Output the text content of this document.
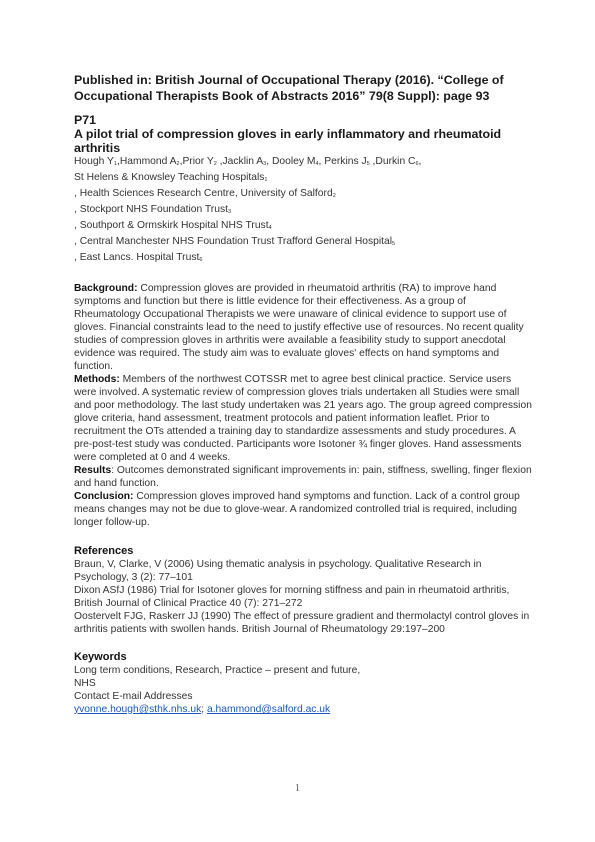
Published in: British Journal of Occupational Therapy (2016). “College of
Occupational Therapists Book of Abstracts 2016” 79(8 Suppl): page 93

P71

A pilot trial of compression gloves in early inflammatory and rheumatoid
arthritis

Hough $Y_1,Hammond$ $A_2,Prior$ $Y_2$ ,Jacklin $A_3$, Dooley $M_4$, Perkins $J_5$ ,Durkin $C_6$,
St Helens & Knowsley Teaching Hospitals$_1$
, Health Sciences Research Centre, University of Salford$_2$
, Stockport NHS Foundation Trust$_3$
, Southport & Ormskirk Hospital NHS Trust$_4$
, Central Manchester NHS Foundation Trust Trafford General Hospital$_5$
, East Lancs. Hospital Trust$_6$

Background: Compression gloves are provided in rheumatoid arthritis (RA) to improve hand symptoms and function but there is little evidence for their effectiveness. As a group of Rheumatology Occupational Therapists we were unaware of clinical evidence to support use of gloves. Financial constraints lead to the need to justify effective use of resources. No recent quality studies of compression gloves in arthritis were available a feasibility study to support anecdotal evidence was required. The study aim was to evaluate gloves' effects on hand symptoms and function.

Methods: Members of the northwest COTSSR met to agree best clinical practice. Service users were involved. A systematic review of compression gloves trials undertaken all Studies were small and poor methodology. The last study undertaken was 21 years ago. The group agreed compression glove criteria, hand assessment, treatment protocols and patient information leaflet. Prior to recruitment the OTs attended a training day to standardize assessments and study procedures. A pre-post-test study was conducted. Participants wore Isotoner ¾ finger gloves. Hand assessments were completed at 0 and 4 weeks.

Results: Outcomes demonstrated significant improvements in: pain, stiffness, swelling, finger flexion and hand function.

Conclusion: Compression gloves improved hand symptoms and function. Lack of a control group means changes may not be due to glove-wear. A randomized controlled trial is required, including longer follow-up.

References
Braun, V, Clarke, V (2006) Using thematic analysis in psychology. Qualitative Research in Psychology, 3 (2): 77–101
Dixon ASfJ (1986) Trial for Isotoner gloves for morning stiffness and pain in rheumatoid arthritis, British Journal of Clinical Practice 40 (7): 271–272
Oostervelt FJG, Raskerr JJ (1990) The effect of pressure gradient and thermolactyl control gloves in arthritis patients with swollen hands. British Journal of Rheumatology 29:197–200
Keywords
Long term conditions, Research, Practice – present and future,
NHS
Contact E-mail Addresses
yvonne.hough@sthk.nhs.uk; a.hammond@salford.ac.uk
1
